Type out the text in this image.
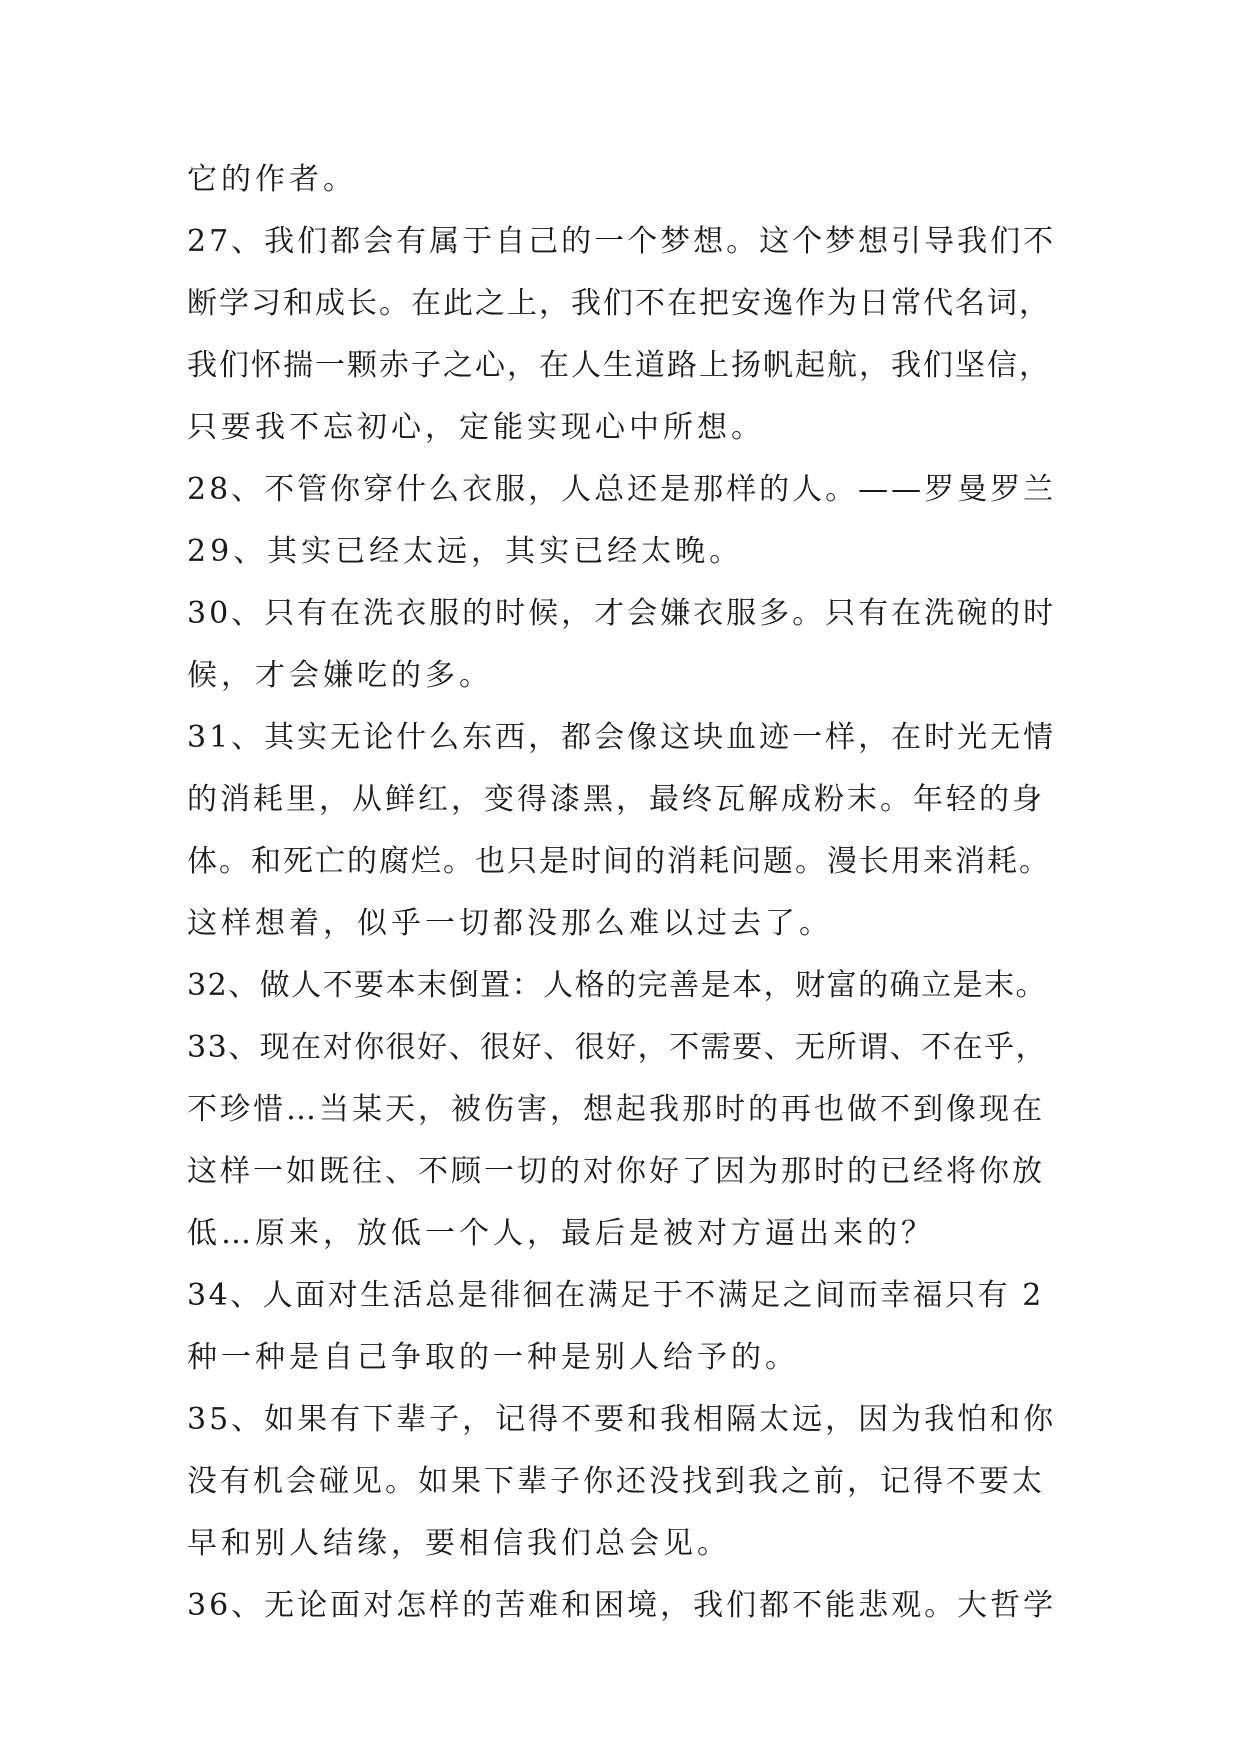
它的作者。
27、我们都会有属于自己的一个梦想。这个梦想引导我们不
断学习和成长。在此之上，我们不在把安逸作为日常代名词，
我们怀揣一颗赤子之心，在人生道路上扬帆起航，我们坚信，
只要我不忘初心，定能实现心中所想。
28、不管你穿什么衣服，人总还是那样的人。——罗曼罗兰
29、其实已经太远，其实已经太晚。
30、只有在洗衣服的时候，才会嫌衣服多。只有在洗碗的时
候，才会嫌吃的多。
31、其实无论什么东西，都会像这块血迹一样，在时光无情
的消耗里，从鲜红，变得漆黑，最终瓦解成粉末。年轻的身
体。和死亡的腐烂。也只是时间的消耗问题。漫长用来消耗。
这样想着，似乎一切都没那么难以过去了。
32、做人不要本末倒置：人格的完善是本，财富的确立是末。
33、现在对你很好、很好、很好，不需要、无所谓、不在乎，
不珍惜…当某天，被伤害，想起我那时的再也做不到像现在
这样一如既往、不顾一切的对你好了因为那时的已经将你放
低…原来，放低一个人，最后是被对方逼出来的？
34、人面对生活总是徘徊在满足于不满足之间而幸福只有 2
种一种是自己争取的一种是别人给予的。
35、如果有下辈子，记得不要和我相隔太远，因为我怕和你
没有机会碰见。如果下辈子你还没找到我之前，记得不要太
早和别人结缘，要相信我们总会见。
36、无论面对怎样的苦难和困境，我们都不能悲观。大哲学
